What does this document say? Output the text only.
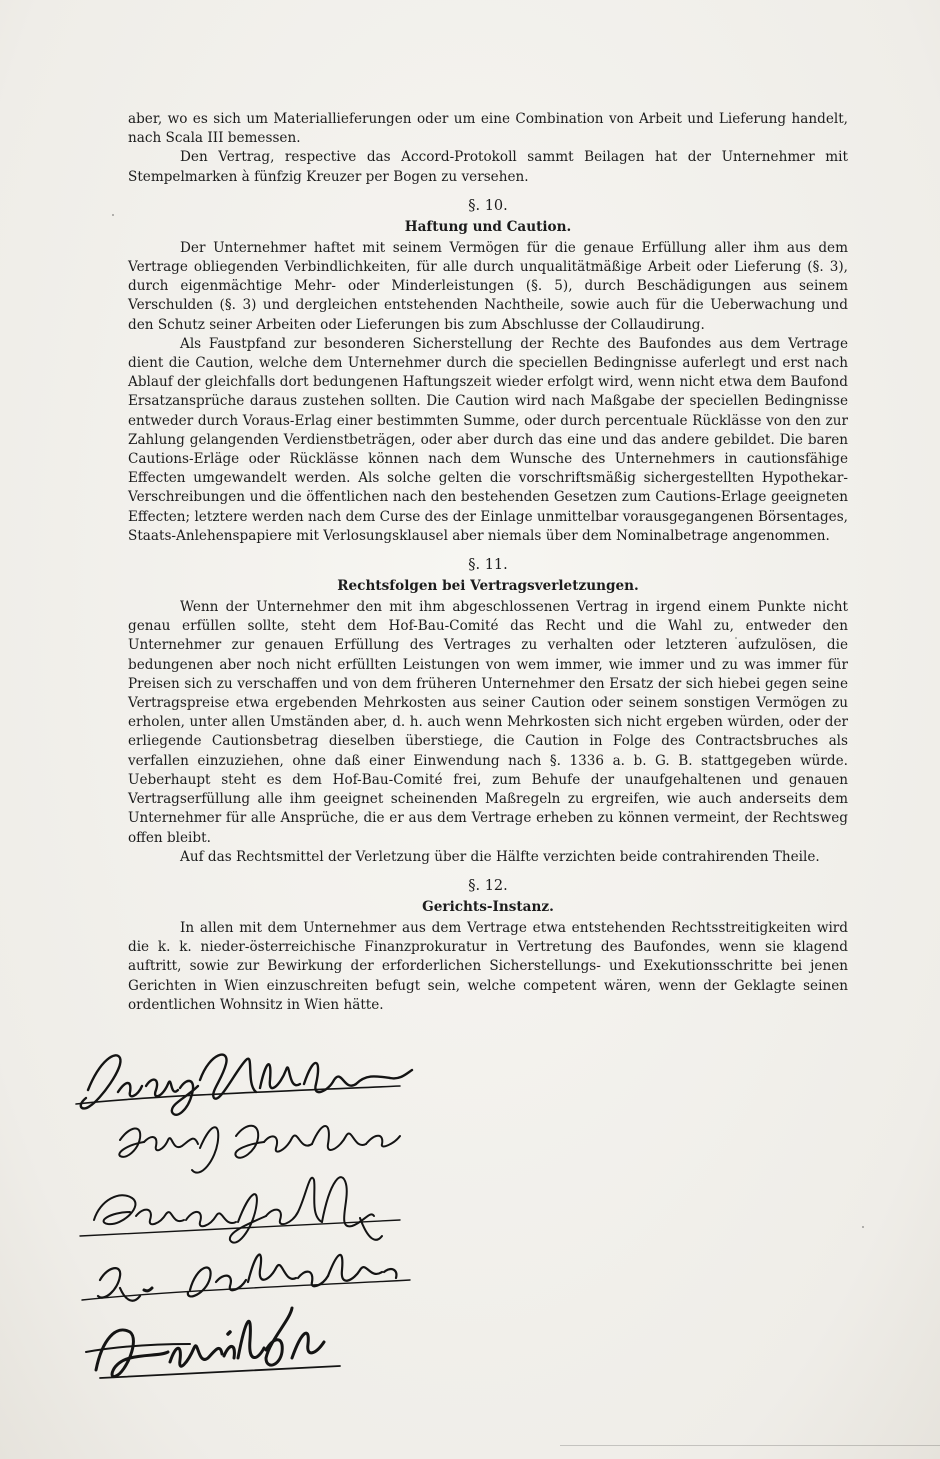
aber, wo es sich um Materiallieferungen oder um eine Combination von Arbeit und Lieferung handelt, nach Scala III bemessen.

Den Vertrag, respective das Accord-Protokoll sammt Beilagen hat der Unternehmer mit Stempelmarken à fünfzig Kreuzer per Bogen zu versehen.

§. 10.
Haftung und Caution.

Der Unternehmer haftet mit seinem Vermögen für die genaue Erfüllung aller ihm aus dem Vertrage obliegenden Verbindlichkeiten, für alle durch unqualitätmäßige Arbeit oder Lieferung (§. 3), durch eigenmächtige Mehr- oder Minderleistungen (§. 5), durch Beschädigungen aus seinem Verschulden (§. 3) und dergleichen entstehenden Nachtheile, sowie auch für die Ueberwachung und den Schutz seiner Arbeiten oder Lieferungen bis zum Abschlusse der Collaudirung.

Als Faustpfand zur besonderen Sicherstellung der Rechte des Baufondes aus dem Vertrage dient die Caution, welche dem Unternehmer durch die speciellen Bedingnisse auferlegt und erst nach Ablauf der gleichfalls dort bedungenen Haftungszeit wieder erfolgt wird, wenn nicht etwa dem Baufond Ersatzansprüche daraus zustehen sollten. Die Caution wird nach Maßgabe der speciellen Bedingnisse entweder durch Voraus-Erlag einer bestimmten Summe, oder durch percentuale Rücklässe von den zur Zahlung gelangenden Verdienstbeträgen, oder aber durch das eine und das andere gebildet. Die baren Cautions-Erläge oder Rücklässe können nach dem Wunsche des Unternehmers in cautionsfähige Effecten umgewandelt werden. Als solche gelten die vorschriftsmäßig sichergestellten Hypothekar-Verschreibungen und die öffentlichen nach den bestehenden Gesetzen zum Cautions-Erlage geeigneten Effecten; letztere werden nach dem Curse des der Einlage unmittelbar vorausgegangenen Börsentages, Staats-Anlehenspapiere mit Verlosungsklausel aber niemals über dem Nominalbetrage angenommen.

§. 11.
Rechtsfolgen bei Vertragsverletzungen.

Wenn der Unternehmer den mit ihm abgeschlossenen Vertrag in irgend einem Punkte nicht genau erfüllen sollte, steht dem Hof-Bau-Comité das Recht und die Wahl zu, entweder den Unternehmer zur genauen Erfüllung des Vertrages zu verhalten oder letzteren aufzulösen, die bedungenen aber noch nicht erfüllten Leistungen von wem immer, wie immer und zu was immer für Preisen sich zu verschaffen und von dem früheren Unternehmer den Ersatz der sich hiebei gegen seine Vertragspreise etwa ergebenden Mehrkosten aus seiner Caution oder seinem sonstigen Vermögen zu erholen, unter allen Umständen aber, d. h. auch wenn Mehrkosten sich nicht ergeben würden, oder der erliegende Cautionsbetrag dieselben überstiege, die Caution in Folge des Contractsbruches als verfallen einzuziehen, ohne daß einer Einwendung nach §. 1336 a. b. G. B. stattgegeben würde. Ueberhaupt steht es dem Hof-Bau-Comité frei, zum Behufe der unaufgehaltenen und genauen Vertragserfüllung alle ihm geeignet scheinenden Maßregeln zu ergreifen, wie auch anderseits dem Unternehmer für alle Ansprüche, die er aus dem Vertrage erheben zu können vermeint, der Rechtsweg offen bleibt.

Auf das Rechtsmittel der Verletzung über die Hälfte verzichten beide contrahirenden Theile.

§. 12.
Gerichts-Instanz.

In allen mit dem Unternehmer aus dem Vertrage etwa entstehenden Rechtsstreitigkeiten wird die k. k. nieder-österreichische Finanzprokuratur in Vertretung des Baufondes, wenn sie klagend auftritt, sowie zur Bewirkung der erforderlichen Sicherstellungs- und Exekutionsschritte bei jenen Gerichten in Wien einzuschreiten befugt sein, welche competent wären, wenn der Geklagte seinen ordentlichen Wohnsitz in Wien hätte.
